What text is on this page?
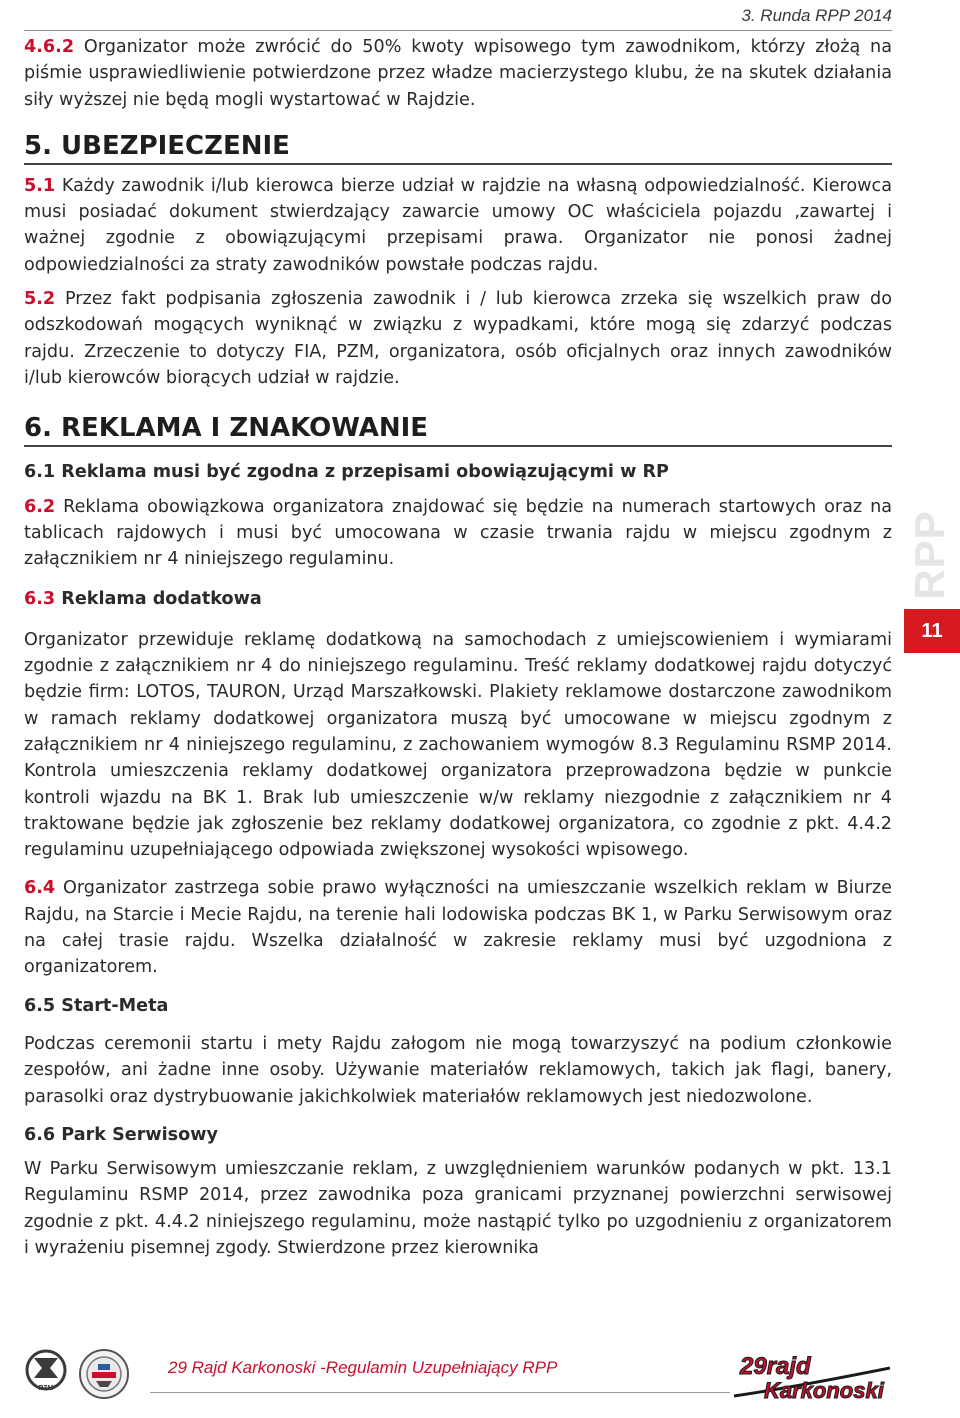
3. Runda RPP 2014

4.6.2 Organizator może zwrócić do 50% kwoty wpisowego tym zawodnikom, którzy złożą na piśmie usprawiedliwienie potwierdzone przez władze macierzystego klubu, że na skutek działania siły wyższej nie będą mogli wystartować w Rajdzie.

5. UBEZPIECZENIE

5.1 Każdy zawodnik i/lub kierowca bierze udział w rajdzie na własną odpowiedzialność. Kierowca musi posiadać dokument stwierdzający zawarcie umowy OC właściciela pojazdu ,zawartej i ważnej zgodnie z obowiązującymi przepisami prawa. Organizator nie ponosi żadnej odpowiedzialności za straty zawodników powstałe podczas rajdu.

5.2 Przez fakt podpisania zgłoszenia zawodnik i / lub kierowca zrzeka się wszelkich praw do odszkodowań mogących wyniknąć w związku z wypadkami, które mogą się zdarzyć podczas rajdu. Zrzeczenie to dotyczy FIA, PZM, organizatora, osób oficjalnych oraz innych zawodników i/lub kierowców biorących udział w rajdzie.

6. REKLAMA I ZNAKOWANIE

6.1 Reklama musi być zgodna z przepisami obowiązującymi w RP

6.2 Reklama obowiązkowa organizatora znajdować się będzie na numerach startowych oraz na tablicach rajdowych i musi być umocowana w czasie trwania rajdu w miejscu zgodnym z załącznikiem nr 4 niniejszego regulaminu.

6.3 Reklama dodatkowa

Organizator przewiduje reklamę dodatkową na samochodach z umiejscowieniem i wymiarami zgodnie z załącznikiem nr 4 do niniejszego regulaminu. Treść reklamy dodatkowej rajdu dotyczyć będzie firm: LOTOS, TAURON, Urząd Marszałkowski. Plakiety reklamowe dostarczone zawodnikom w ramach reklamy dodatkowej organizatora muszą być umocowane w miejscu zgodnym z załącznikiem nr 4 niniejszego regulaminu, z zachowaniem wymogów 8.3 Regulaminu RSMP 2014. Kontrola umieszczenia reklamy dodatkowej organizatora przeprowadzona będzie w punkcie kontroli wjazdu na BK 1. Brak lub umieszczenie w/w reklamy niezgodnie z załącznikiem nr 4 traktowane będzie jak zgłoszenie bez reklamy dodatkowej organizatora, co zgodnie z pkt. 4.4.2 regulaminu uzupełniającego odpowiada zwiększonej wysokości wpisowego.

6.4 Organizator zastrzega sobie prawo wyłączności na umieszczanie wszelkich reklam w Biurze Rajdu, na Starcie i Mecie Rajdu, na terenie hali lodowiska podczas BK 1, w Parku Serwisowym oraz na całej trasie rajdu. Wszelka działalność w zakresie reklamy musi być uzgodniona z organizatorem.

6.5 Start-Meta

Podczas ceremonii startu i mety Rajdu załogom nie mogą towarzyszyć na podium członkowie zespołów, ani żadne inne osoby. Używanie materiałów reklamowych, takich jak flagi, banery, parasolki oraz dystrybuowanie jakichkolwiek materiałów reklamowych jest niedozwolone.

6.6 Park Serwisowy

W Parku Serwisowym umieszczanie reklam, z uwzględnieniem warunków podanych w pkt. 13.1 Regulaminu RSMP 2014, przez zawodnika poza granicami przyznanej powierzchni serwisowej zgodnie z pkt. 4.4.2 niniejszego regulaminu, może nastąpić tylko po uzgodnieniu z organizatorem i wyrażeniu pisemnej zgody. Stwierdzone przez kierownika

RPP
11
PZM
29 Rajd Karkonoski -Regulamin Uzupełniający RPP	29rajd
Karkonoski
